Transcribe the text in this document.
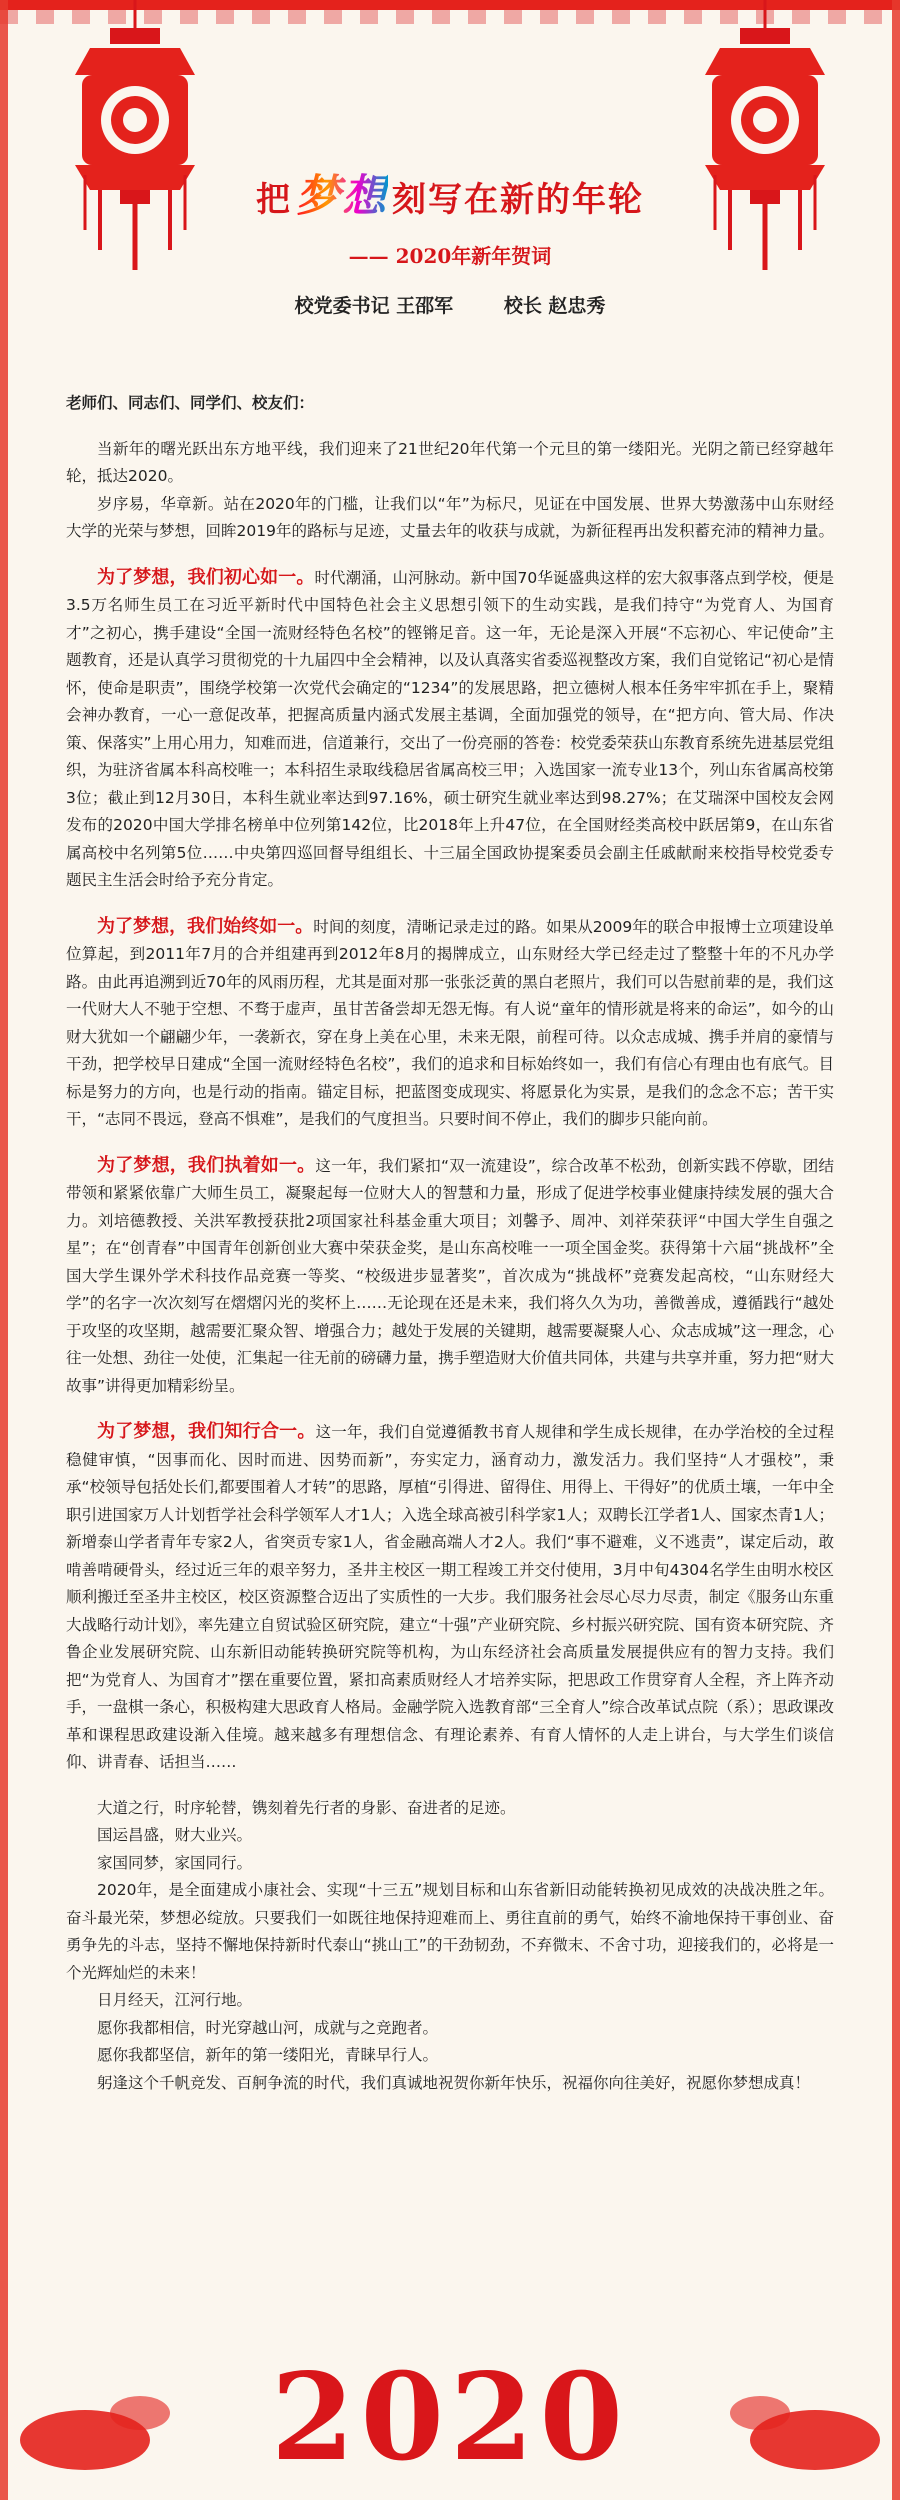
把梦想 刻写在新的年轮
—— 2020年新年贺词
校党委书记 王邵军	校长 赵忠秀

老师们、同志们、同学们、校友们：

当新年的曙光跃出东方地平线，我们迎来了21世纪20年代第一个元旦的第一缕阳光。光阴之箭已经穿越年轮，抵达2020。

岁序易，华章新。站在2020年的门槛，让我们以“年”为标尺，见证在中国发展、世界大势激荡中山东财经大学的光荣与梦想，回眸2019年的路标与足迹，丈量去年的收获与成就，为新征程再出发积蓄充沛的精神力量。

为了梦想，我们初心如一。时代潮涌，山河脉动。新中国70华诞盛典这样的宏大叙事落点到学校，便是3.5万名师生员工在习近平新时代中国特色社会主义思想引领下的生动实践，是我们持守“为党育人、为国育才”之初心，携手建设“全国一流财经特色名校”的铿锵足音。这一年，无论是深入开展“不忘初心、牢记使命”主题教育，还是认真学习贯彻党的十九届四中全会精神，以及认真落实省委巡视整改方案，我们自觉铭记“初心是情怀，使命是职责”，围绕学校第一次党代会确定的“1234”的发展思路，把立德树人根本任务牢牢抓在手上，聚精会神办教育，一心一意促改革，把握高质量内涵式发展主基调，全面加强党的领导，在“把方向、管大局、作决策、保落实”上用心用力，知难而进，信道兼行，交出了一份亮丽的答卷：校党委荣获山东教育系统先进基层党组织，为驻济省属本科高校唯一；本科招生录取线稳居省属高校三甲；入选国家一流专业13个，列山东省属高校第3位；截止到12月30日，本科生就业率达到97.16%，硕士研究生就业率达到98.27%；在艾瑞深中国校友会网发布的2020中国大学排名榜单中位列第142位，比2018年上升47位，在全国财经类高校中跃居第9，在山东省属高校中名列第5位……中央第四巡回督导组组长、十三届全国政协提案委员会副主任戚献耐来校指导校党委专题民主生活会时给予充分肯定。

为了梦想，我们始终如一。时间的刻度，清晰记录走过的路。如果从2009年的联合申报博士立项建设单位算起，到2011年7月的合并组建再到2012年8月的揭牌成立，山东财经大学已经走过了整整十年的不凡办学路。由此再追溯到近70年的风雨历程，尤其是面对那一张张泛黄的黑白老照片，我们可以告慰前辈的是，我们这一代财大人不驰于空想、不骛于虚声，虽甘苦备尝却无怨无悔。有人说“童年的情形就是将来的命运”，如今的山财大犹如一个翩翩少年，一袭新衣，穿在身上美在心里，未来无限，前程可待。以众志成城、携手并肩的豪情与干劲，把学校早日建成“全国一流财经特色名校”，我们的追求和目标始终如一，我们有信心有理由也有底气。目标是努力的方向，也是行动的指南。锚定目标，把蓝图变成现实、将愿景化为实景，是我们的念念不忘；苦干实干，“志同不畏远，登高不惧难”，是我们的气度担当。只要时间不停止，我们的脚步只能向前。

为了梦想，我们执着如一。这一年，我们紧扣“双一流建设”，综合改革不松劲，创新实践不停歇，团结带领和紧紧依靠广大师生员工，凝聚起每一位财大人的智慧和力量，形成了促进学校事业健康持续发展的强大合力。刘培德教授、关洪军教授获批2项国家社科基金重大项目；刘馨予、周冲、刘祥荣获评“中国大学生自强之星”；在“创青春”中国青年创新创业大赛中荣获金奖，是山东高校唯一一项全国金奖。获得第十六届“挑战杯”全国大学生课外学术科技作品竞赛一等奖、“校级进步显著奖”，首次成为“挑战杯”竞赛发起高校，“山东财经大学”的名字一次次刻写在熠熠闪光的奖杯上……无论现在还是未来，我们将久久为功，善微善成，遵循践行“越处于攻坚的攻坚期，越需要汇聚众智、增强合力；越处于发展的关键期，越需要凝聚人心、众志成城”这一理念，心往一处想、劲往一处使，汇集起一往无前的磅礴力量，携手塑造财大价值共同体，共建与共享并重，努力把“财大故事”讲得更加精彩纷呈。

为了梦想，我们知行合一。这一年，我们自觉遵循教书育人规律和学生成长规律，在办学治校的全过程稳健审慎，“因事而化、因时而进、因势而新”，夯实定力，涵育动力，激发活力。我们坚持“人才强校”，秉承“校领导包括处长们,都要围着人才转”的思路，厚植“引得进、留得住、用得上、干得好”的优质土壤，一年中全职引进国家万人计划哲学社会科学领军人才1人；入选全球高被引科学家1人；双聘长江学者1人、国家杰青1人；新增泰山学者青年专家2人，省突贡专家1人，省金融高端人才2人。我们“事不避难，义不逃责”，谋定后动，敢啃善啃硬骨头，经过近三年的艰辛努力，圣井主校区一期工程竣工并交付使用，3月中旬4304名学生由明水校区顺利搬迁至圣井主校区，校区资源整合迈出了实质性的一大步。我们服务社会尽心尽力尽责，制定《服务山东重大战略行动计划》，率先建立自贸试验区研究院，建立“十强”产业研究院、乡村振兴研究院、国有资本研究院、齐鲁企业发展研究院、山东新旧动能转换研究院等机构，为山东经济社会高质量发展提供应有的智力支持。我们把“为党育人、为国育才”摆在重要位置，紧扣高素质财经人才培养实际，把思政工作贯穿育人全程，齐上阵齐动手，一盘棋一条心，积极构建大思政育人格局。金融学院入选教育部“三全育人”综合改革试点院（系）；思政课改革和课程思政建设渐入佳境。越来越多有理想信念、有理论素养、有育人情怀的人走上讲台，与大学生们谈信仰、讲青春、话担当……

大道之行，时序轮替，镌刻着先行者的身影、奋进者的足迹。

国运昌盛，财大业兴。

家国同梦，家国同行。

2020年，是全面建成小康社会、实现“十三五”规划目标和山东省新旧动能转换初见成效的决战决胜之年。奋斗最光荣，梦想必绽放。只要我们一如既往地保持迎难而上、勇往直前的勇气，始终不渝地保持干事创业、奋勇争先的斗志，坚持不懈地保持新时代泰山“挑山工”的干劲韧劲，不弃微末、不舍寸功，迎接我们的，必将是一个光辉灿烂的未来！

日月经天，江河行地。

愿你我都相信，时光穿越山河，成就与之竞跑者。

愿你我都坚信，新年的第一缕阳光，青睐早行人。

躬逢这个千帆竞发、百舸争流的时代，我们真诚地祝贺你新年快乐，祝福你向往美好，祝愿你梦想成真！

2020
